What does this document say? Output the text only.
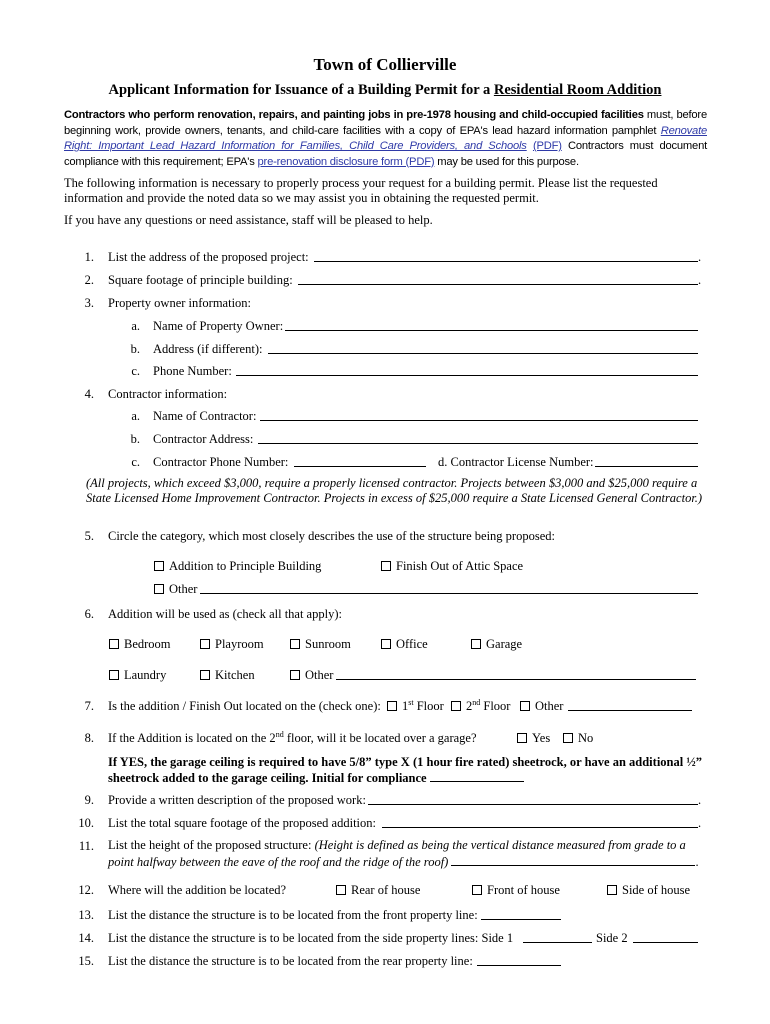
Town of Collierville
Applicant Information for Issuance of a Building Permit for a Residential Room Addition
Contractors who perform renovation, repairs, and painting jobs in pre-1978 housing and child-occupied facilities must, before beginning work, provide owners, tenants, and child-care facilities with a copy of EPA's lead hazard information pamphlet Renovate Right: Important Lead Hazard Information for Families, Child Care Providers, and Schools (PDF) Contractors must document compliance with this requirement; EPA's pre-renovation disclosure form (PDF) may be used for this purpose.
The following information is necessary to properly process your request for a building permit. Please list the requested information and provide the noted data so we may assist you in obtaining the requested permit.
If you have any questions or need assistance, staff will be pleased to help.
1. List the address of the proposed project:	.
2. Square footage of principle building:	.
3. Property owner information:
a. Name of Property Owner:
b. Address (if different):
c. Phone Number:
4. Contractor information:
a. Name of Contractor:
b. Contractor Address:
c. Contractor Phone Number:	d. Contractor License Number:
(All projects, which exceed $3,000, require a properly licensed contractor. Projects between $3,000 and $25,000 require a State Licensed Home Improvement Contractor. Projects in excess of $25,000 require a State Licensed General Contractor.)
5. Circle the category, which most closely describes the use of the structure being proposed:
Addition to Principle Building	Finish Out of Attic Space
Other
6. Addition will be used as (check all that apply):
Bedroom	Playroom	Sunroom	Office	Garage
Laundry	Kitchen	Other
7. Is the addition / Finish Out located on the (check one):	1st Floor	2nd Floor	Other
8. If the Addition is located on the 2nd floor, will it be located over a garage?	Yes	No
If YES, the garage ceiling is required to have 5/8” type X (1 hour fire rated) sheetrock, or have an additional ½” sheetrock added to the garage ceiling. Initial for compliance
9. Provide a written description of the proposed work:	.
10. List the total square footage of the proposed addition:	.
11. List the height of the proposed structure: (Height is defined as being the vertical distance measured from grade to a point halfway between the eave of the roof and the ridge of the roof)	.
12. Where will the addition be located?	Rear of house	Front of house	Side of house
13. List the distance the structure is to be located from the front property line:
14. List the distance the structure is to be located from the side property lines: Side 1	Side 2
15. List the distance the structure is to be located from the rear property line:
